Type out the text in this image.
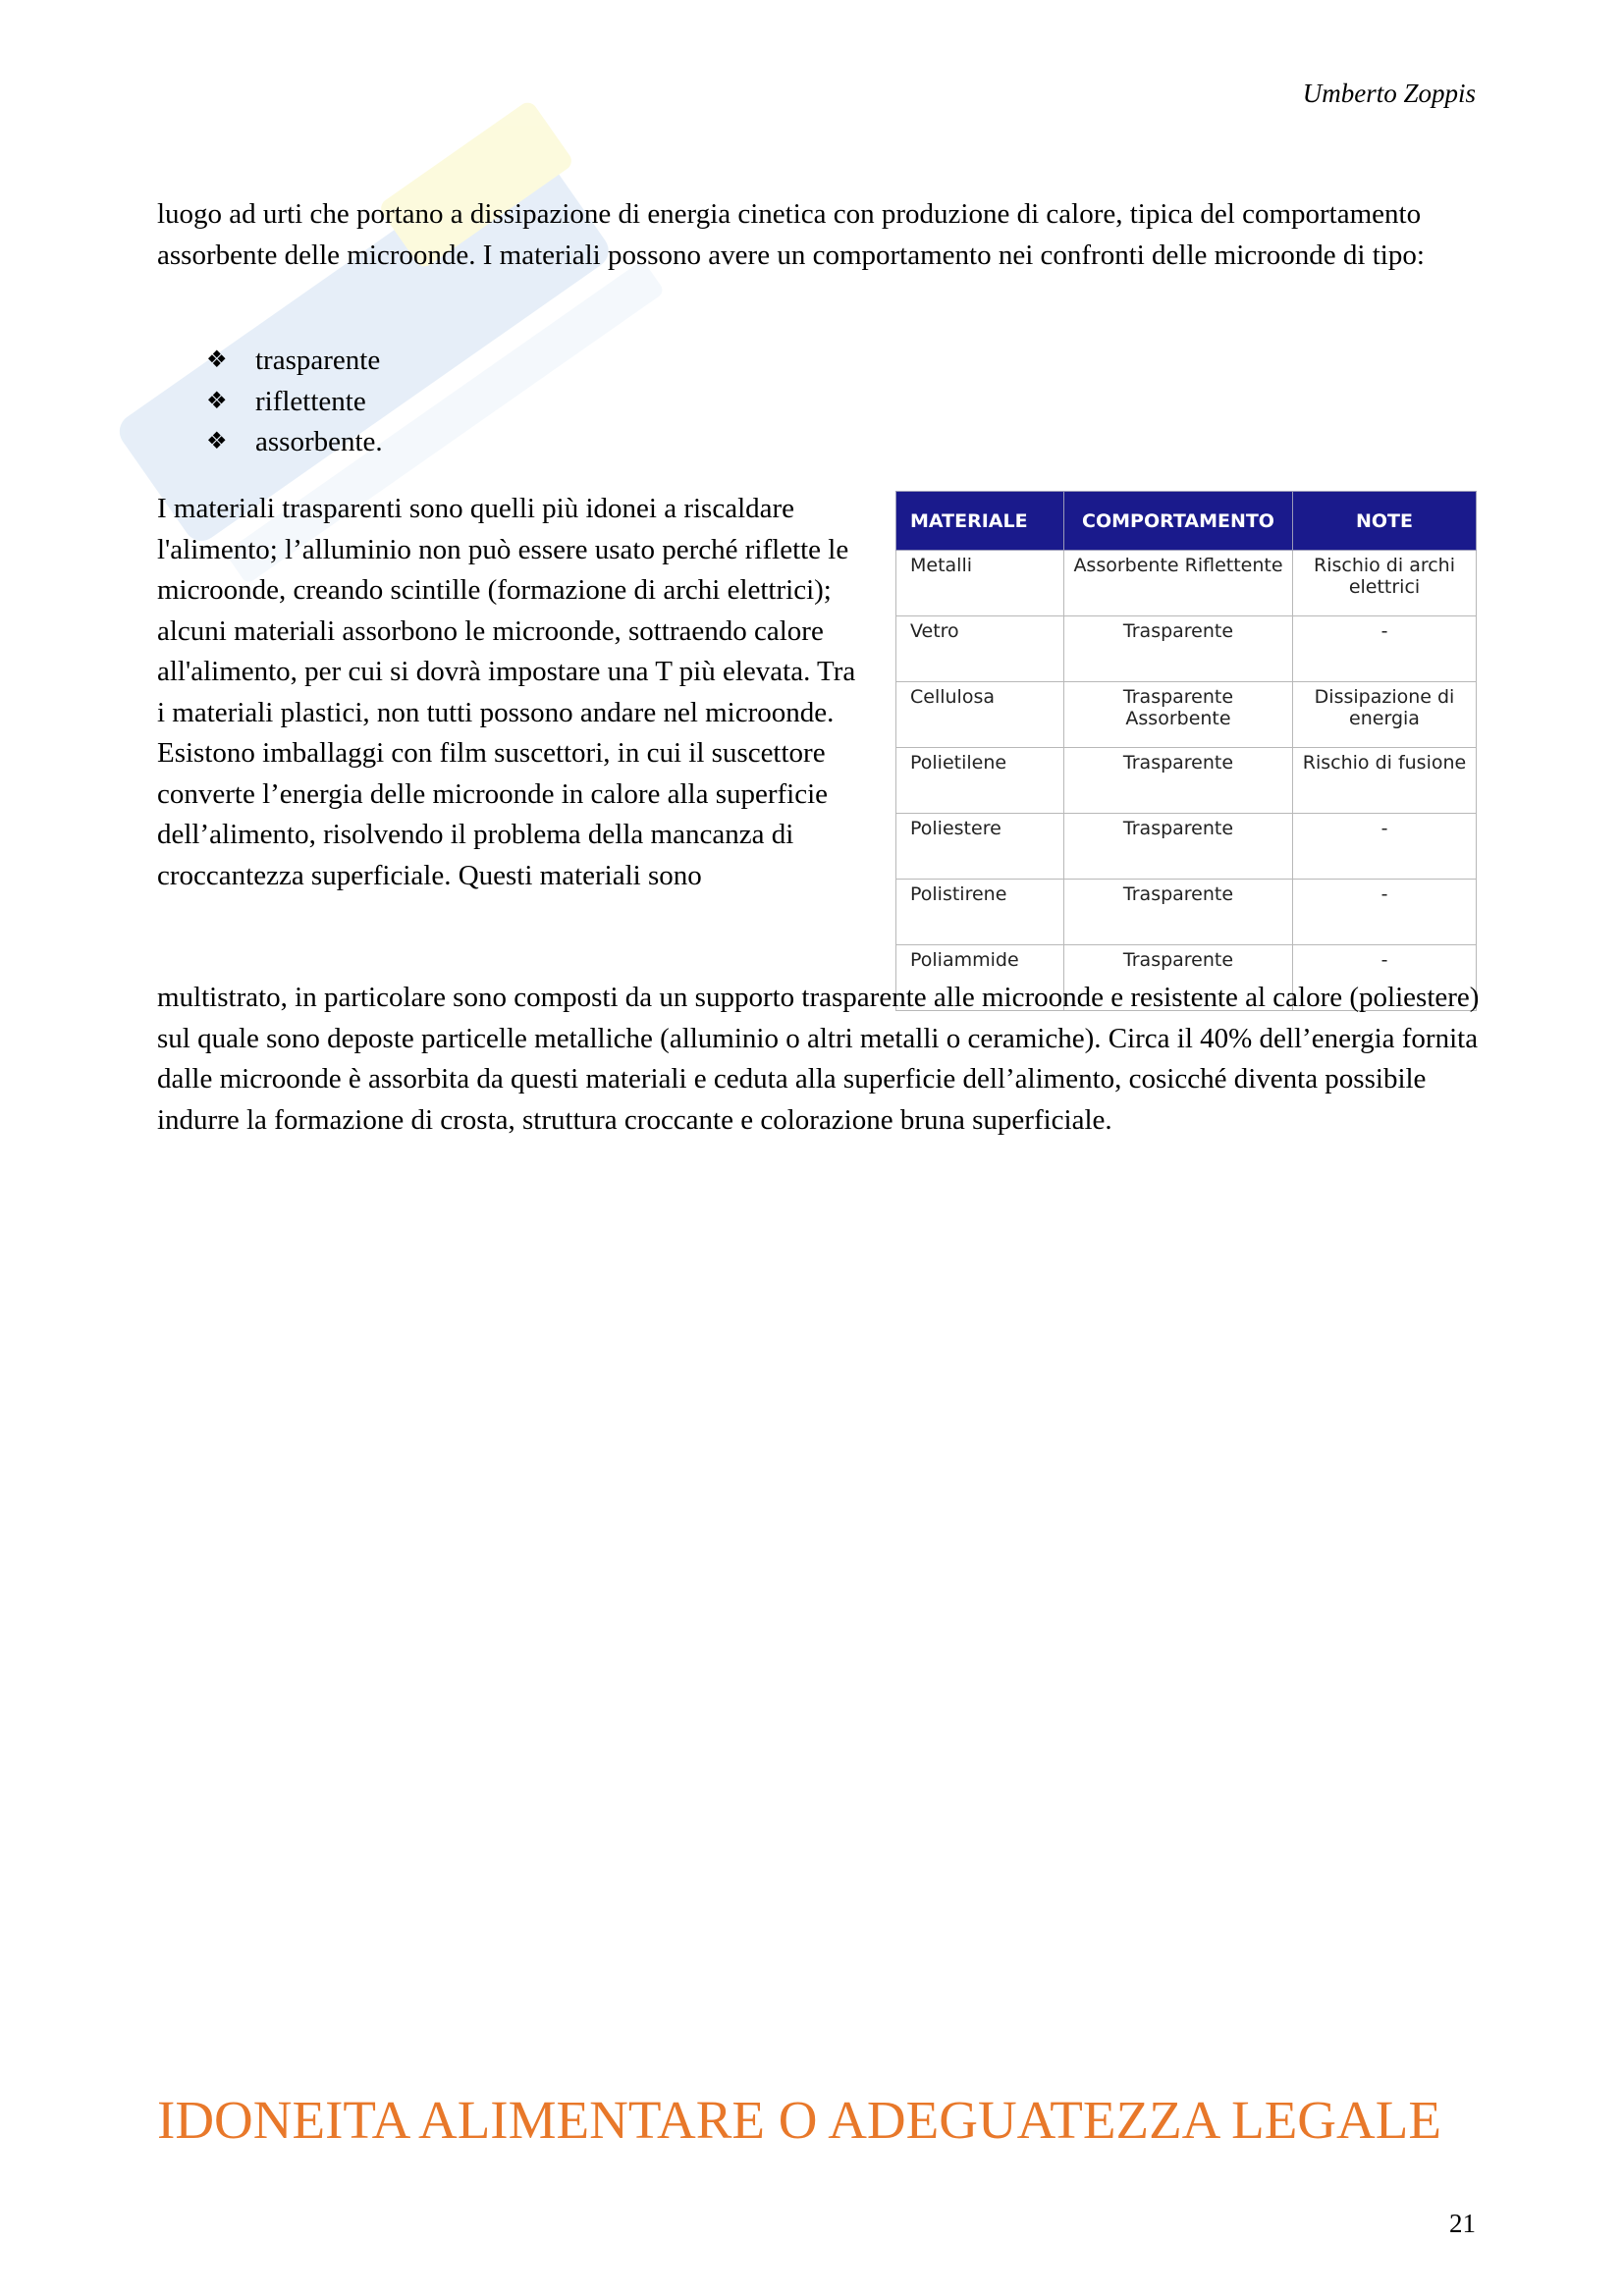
Umberto Zoppis
luogo ad urti che portano a dissipazione di energia cinetica con produzione di calore, tipica del comportamento assorbente delle microonde. I materiali possono avere un comportamento nei confronti delle microonde di tipo:
❖ trasparente
❖ riflettente
❖ assorbente.
I materiali trasparenti sono quelli più idonei a riscaldare l'alimento; l’alluminio non può essere usato perché riflette le microonde, creando scintille (formazione di archi elettrici); alcuni materiali assorbono le microonde, sottraendo calore all'alimento, per cui si dovrà impostare una T più elevata. Tra i materiali plastici, non tutti possono andare nel microonde. Esistono imballaggi con film suscettori, in cui il suscettore converte l’energia delle microonde in calore alla superficie dell’alimento, risolvendo il problema della mancanza di croccantezza superficiale. Questi materiali sono
MATERIALE	COMPORTAMENTO	NOTE
Metalli	Assorbente Riflettente	Rischio di archi elettrici
Vetro	Trasparente	-
Cellulosa	Trasparente Assorbente	Dissipazione di energia
Polietilene	Trasparente	Rischio di fusione
Poliestere	Trasparente	-
Polistirene	Trasparente	-
Poliammide	Trasparente	-
multistrato, in particolare sono composti da un supporto trasparente alle microonde e resistente al calore (poliestere) sul quale sono deposte particelle metalliche (alluminio o altri metalli o ceramiche). Circa il 40% dell’energia fornita dalle microonde è assorbita da questi materiali e ceduta alla superficie dell’alimento, cosicché diventa possibile indurre la formazione di crosta, struttura croccante e colorazione bruna superficiale.
IDONEITA ALIMENTARE O ADEGUATEZZA LEGALE
21
